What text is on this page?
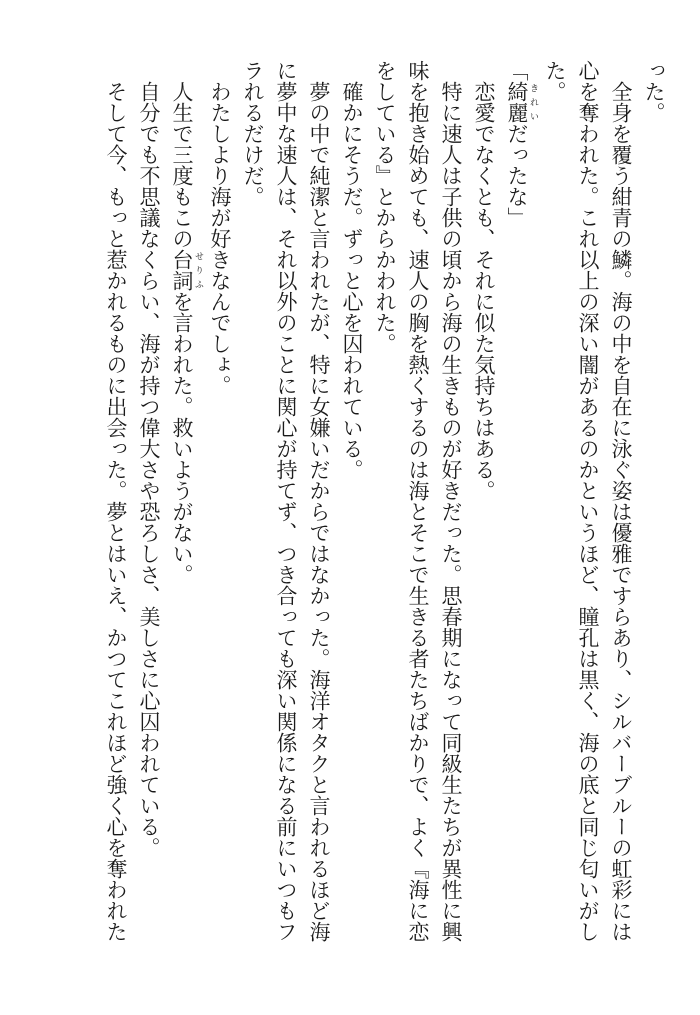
った。
　全身を覆う紺青の鱗。海の中を自在に泳ぐ姿は優雅ですらあり、シルバーブルーの虹彩には
心を奪われた。これ以上の深い闇があるのかというほど、瞳孔は黒く、海の底と同じ匂いがし
た。
「綺麗 きれいだったな」
　恋愛でなくとも、それに似た気持ちはある。
　特に速人は子供の頃から海の生きものが好きだった。思春期になって同級生たちが異性に興
味を抱き始めても、速人の胸を熱くするのは海とそこで生きる者たちばかりで、よく『海に恋
をしている』とからかわれた。
　確かにそうだ。ずっと心を囚われている。
　夢の中で純潔と言われたが、特に女嫌いだからではなかった。海洋オタクと言われるほど海
に夢中な速人は、それ以外のことに関心が持てず、つき合っても深い関係になる前にいつもフ
ラれるだけだ。
　わたしより海が好きなんでしょ。
　人生で三度もこの台詞 せりふを言われた。救いようがない。
　自分でも不思議なくらい、海が持つ偉大さや恐ろしさ、美しさに心囚われている。
　そして今、もっと惹かれるものに出会った。夢とはいえ、かつてこれほど強く心を奪われた
